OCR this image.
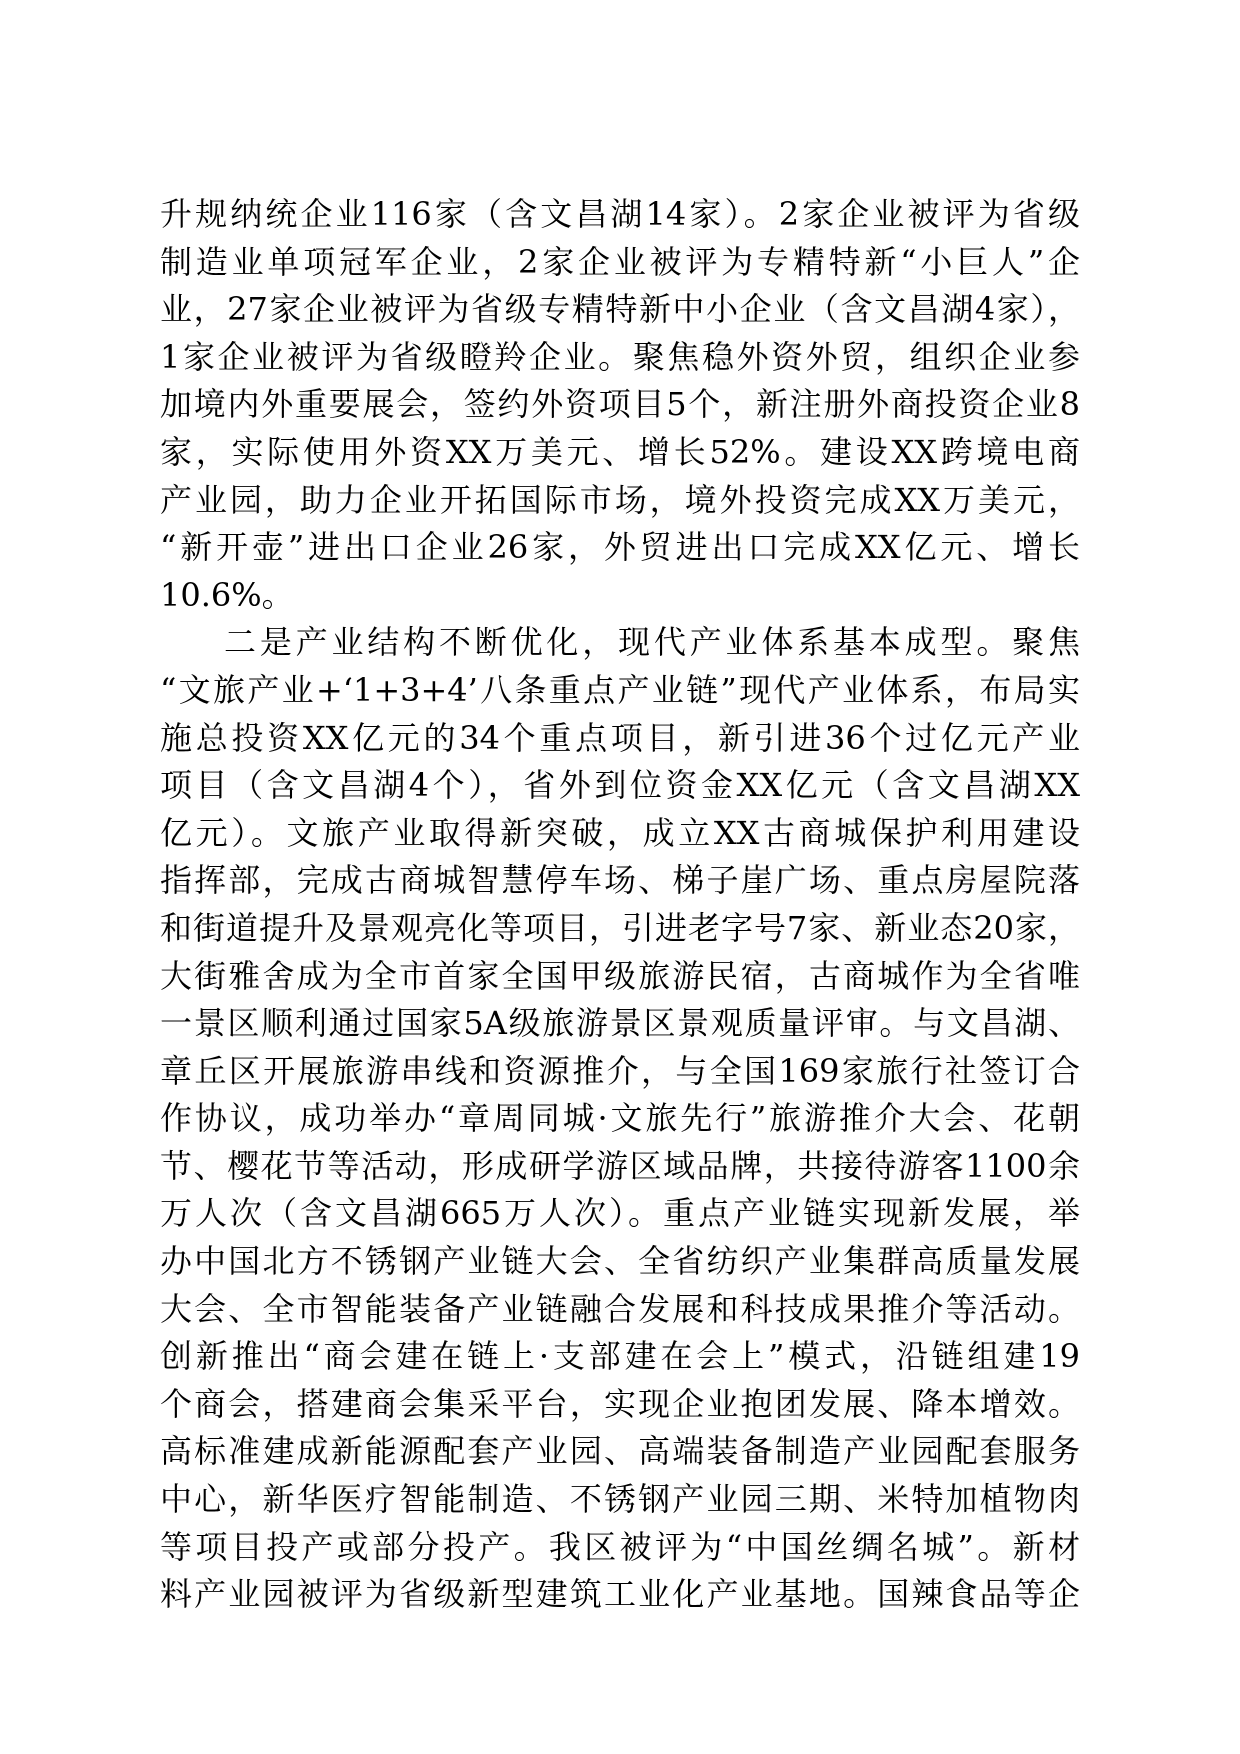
升规纳统企业116家（含文昌湖14家）。2家企业被评为省级
制造业单项冠军企业，2家企业被评为专精特新“小巨人”企
业，27家企业被评为省级专精特新中小企业（含文昌湖4家），
1家企业被评为省级瞪羚企业。聚焦稳外资外贸，组织企业参
加境内外重要展会，签约外资项目5个，新注册外商投资企业8
家，实际使用外资XX万美元、增长52%。建设XX跨境电商
产业园，助力企业开拓国际市场，境外投资完成XX万美元，
“新开壶”进出口企业26家，外贸进出口完成XX亿元、增长
10.6%。
二是产业结构不断优化，现代产业体系基本成型。聚焦
“文旅产业+‘1+3+4’八条重点产业链”现代产业体系，布局实
施总投资XX亿元的34个重点项目，新引进36个过亿元产业
项目（含文昌湖4个），省外到位资金XX亿元（含文昌湖XX
亿元）。文旅产业取得新突破，成立XX古商城保护利用建设
指挥部，完成古商城智慧停车场、梯子崖广场、重点房屋院落
和街道提升及景观亮化等项目，引进老字号7家、新业态20家，
大街雅舍成为全市首家全国甲级旅游民宿，古商城作为全省唯
一景区顺利通过国家5A级旅游景区景观质量评审。与文昌湖、
章丘区开展旅游串线和资源推介，与全国169家旅行社签订合
作协议，成功举办“章周同城·文旅先行”旅游推介大会、花朝
节、樱花节等活动，形成研学游区域品牌，共接待游客1100余
万人次（含文昌湖665万人次）。重点产业链实现新发展，举
办中国北方不锈钢产业链大会、全省纺织产业集群高质量发展
大会、全市智能装备产业链融合发展和科技成果推介等活动。
创新推出“商会建在链上·支部建在会上”模式，沿链组建19
个商会，搭建商会集采平台，实现企业抱团发展、降本增效。
高标准建成新能源配套产业园、高端装备制造产业园配套服务
中心，新华医疗智能制造、不锈钢产业园三期、米特加植物肉
等项目投产或部分投产。我区被评为“中国丝绸名城”。新材
料产业园被评为省级新型建筑工业化产业基地。国辣食品等企
